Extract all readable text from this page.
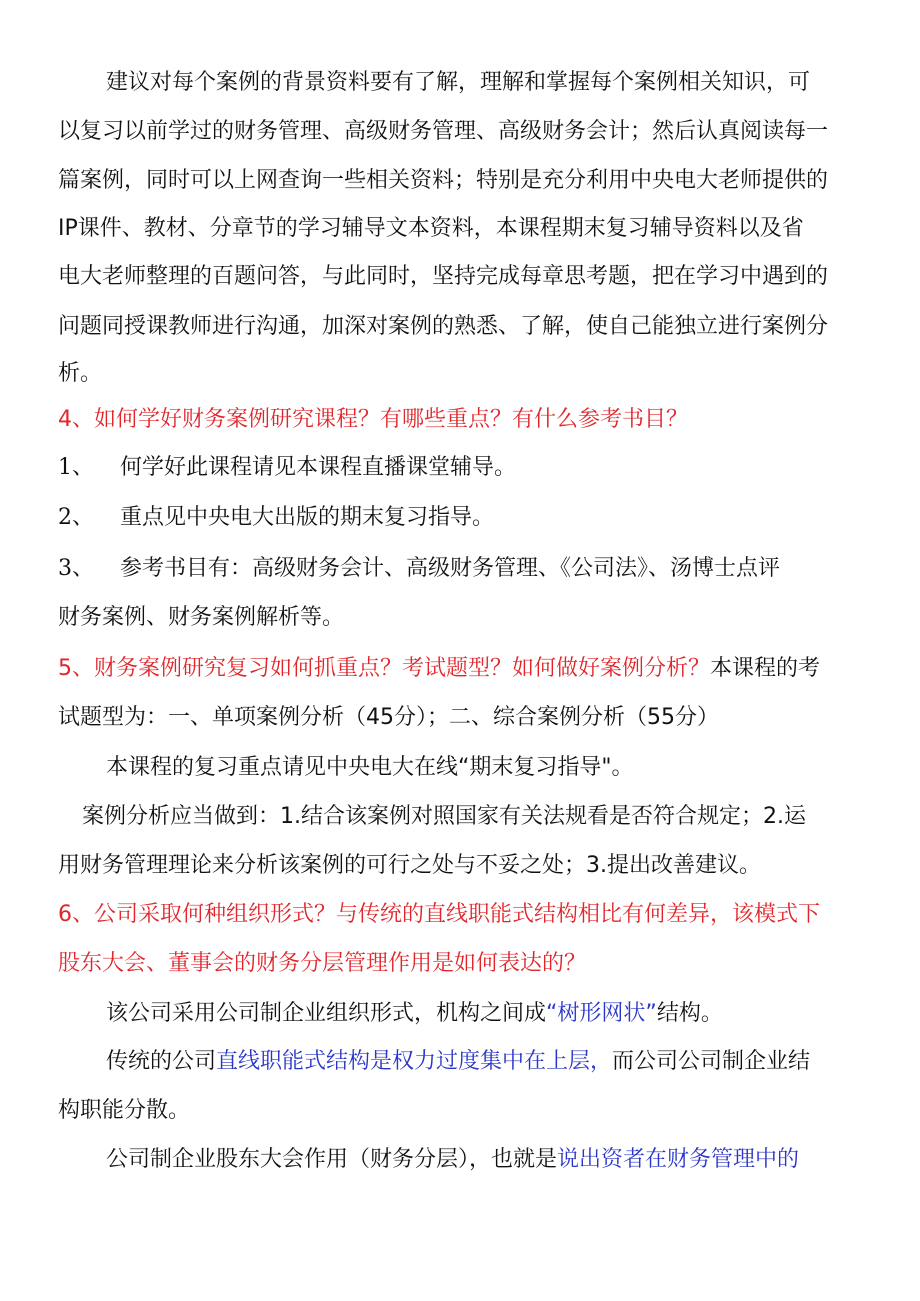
建议对每个案例的背景资料要有了解，理解和掌握每个案例相关知识，可
以复习以前学过的财务管理、高级财务管理、高级财务会计；然后认真阅读每一
篇案例，同时可以上网查询一些相关资料；特别是充分利用中央电大老师提供的
IP课件、教材、分章节的学习辅导文本资料，本课程期末复习辅导资料以及省
电大老师整理的百题问答，与此同时，坚持完成每章思考题，把在学习中遇到的
问题同授课教师进行沟通，加深对案例的熟悉、了解，使自己能独立进行案例分
析。
4、如何学好财务案例研究课程？有哪些重点？有什么参考书目？
1、 何学好此课程请见本课程直播课堂辅导。
2、 重点见中央电大出版的期末复习指导。
3、 参考书目有：高级财务会计、高级财务管理、《公司法》、汤博士点评
财务案例、财务案例解析等。
5、财务案例研究复习如何抓重点？考试题型？如何做好案例分析？本课程的考
试题型为：一、单项案例分析（45分）；二、综合案例分析（55分）
本课程的复习重点请见中央电大在线“期末复习指导"。
案例分析应当做到：1.结合该案例对照国家有关法规看是否符合规定；2.运
用财务管理理论来分析该案例的可行之处与不妥之处；3.提出改善建议。
6、公司采取何种组织形式？与传统的直线职能式结构相比有何差异，该模式下
股东大会、董事会的财务分层管理作用是如何表达的？
该公司采用公司制企业组织形式，机构之间成“树形网状”结构。
传统的公司直线职能式结构是权力过度集中在上层，而公司公司制企业结
构职能分散。
公司制企业股东大会作用（财务分层），也就是说出资者在财务管理中的
